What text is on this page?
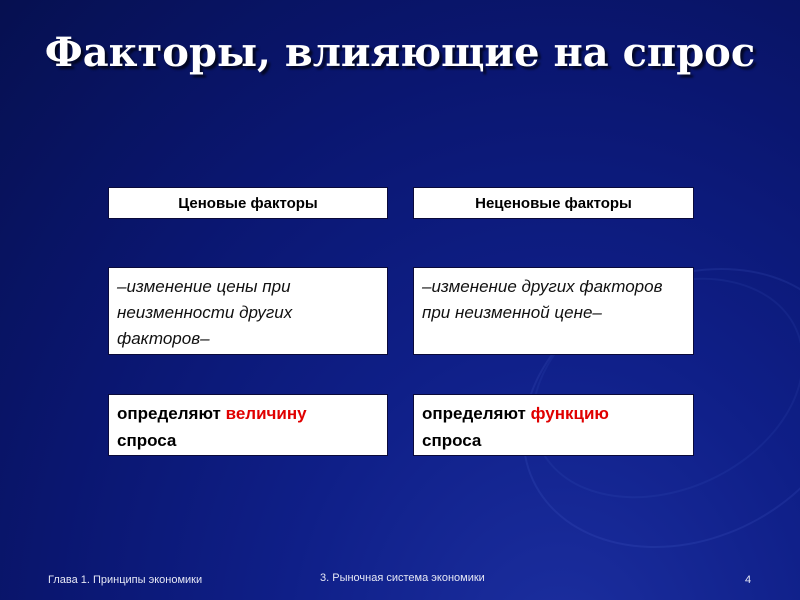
Факторы, влияющие на спрос
Ценовые факторы
–изменение цены при неизменности других факторов–
определяют величину
спроса
Неценовые факторы
–изменение других факторов при неизменной цене–
определяют функцию
спроса
Глава 1. Принципы экономики	3. Рыночная система экономики	4
